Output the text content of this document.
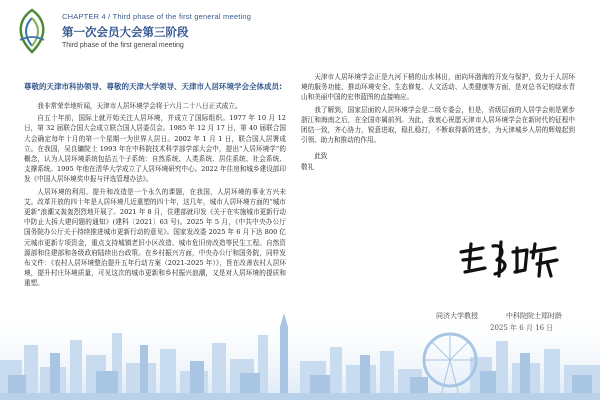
CHAPTER 4 / Third phase of the first general meeting
第一次会员大会第三阶段
Third phase of the first general meeting
尊敬的天津市科协领导、尊敬的天津大学领导、天津市人居环境学会全体成员:

我非常荣幸地听闻，天津市人居环境学会将于六月二十八日正式成立。

自五十年前，国际上就开始关注人居环境，并成立了国际组织。1977 年 10 月 12 日，第 32 届联合国大会成立联合国人居委员会。1985 年 12 月 17 日，第 40 届联合国大会确定每年十月的第一个星期一为世界人居日。2002 年 1 月 1 日，联合国人居署成立。在我国，吴良镛院士 1993 年在中科院技术科学部学部大会中，提出“人居环境学”的概念，认为人居环境系统包括五个子系统：自然系统、人类系统、居住系统、社会系统、支撑系统。1995 年他在清华大学成立了人居环境研究中心。2022 年住房和城乡建设部印发《中国人居环境奖申报与评选管理办法》。

人居环境的利用、提升和改造是一个永久的课题，在我国，人居环境的事业方兴未艾。改革开放的四十年是人居环境几近重塑的四十年，这几年，城市人居环境方面的“城市更新”浪潮又轰轰烈烈地开展了。2021 年 8 月，住建部就印发《关于在实施城市更新行动中防止大拆大建问题的通知》(建科〔2021〕63 号)。2025 年 5 月，《中共中央办公厅 国务院办公厅关于持续推进城市更新行动的意见》。国家发改委 2025 年 6 月下达 800 亿元城市更新专项资金，重点支持城镇老旧小区改造、城市危旧房改造等民生工程。自然资源部和住建部和各级政府陆续出台政策。在乡村振兴方面，中央办公厅和国务院，同样发布文件：《农村人居环境整治提升五年行动方案（2021-2025 年）》，旨在改善农村人居环境，提升村庄环境质量，可见这次的城市更新和乡村振兴浪潮，又是对人居环境的提质和重塑。

天津市人居环境学会正是九河下梢的山水林田，面向环渤海的开发与保护，致力于人居环境的服务功能，推动环境安全、生态修复、人文活动、人类健康等方面，是对总书记的绿水青山和美丽中国的宏伟蓝图的直接响应。

我了解到，国家层面的人居环境学会是二级专委会，但是，省级层面的人居学会则是紧步浙江和海南之后，在全国亦属前列。为此，我衷心祝愿天津市人居环境学会在新时代的征程中团结一致，齐心协力，锐意进取，稳扎稳打，不断取得新的进步，为天津城乡人居的辉煌起到引领、助力和推动的作用。

此致

敬礼
